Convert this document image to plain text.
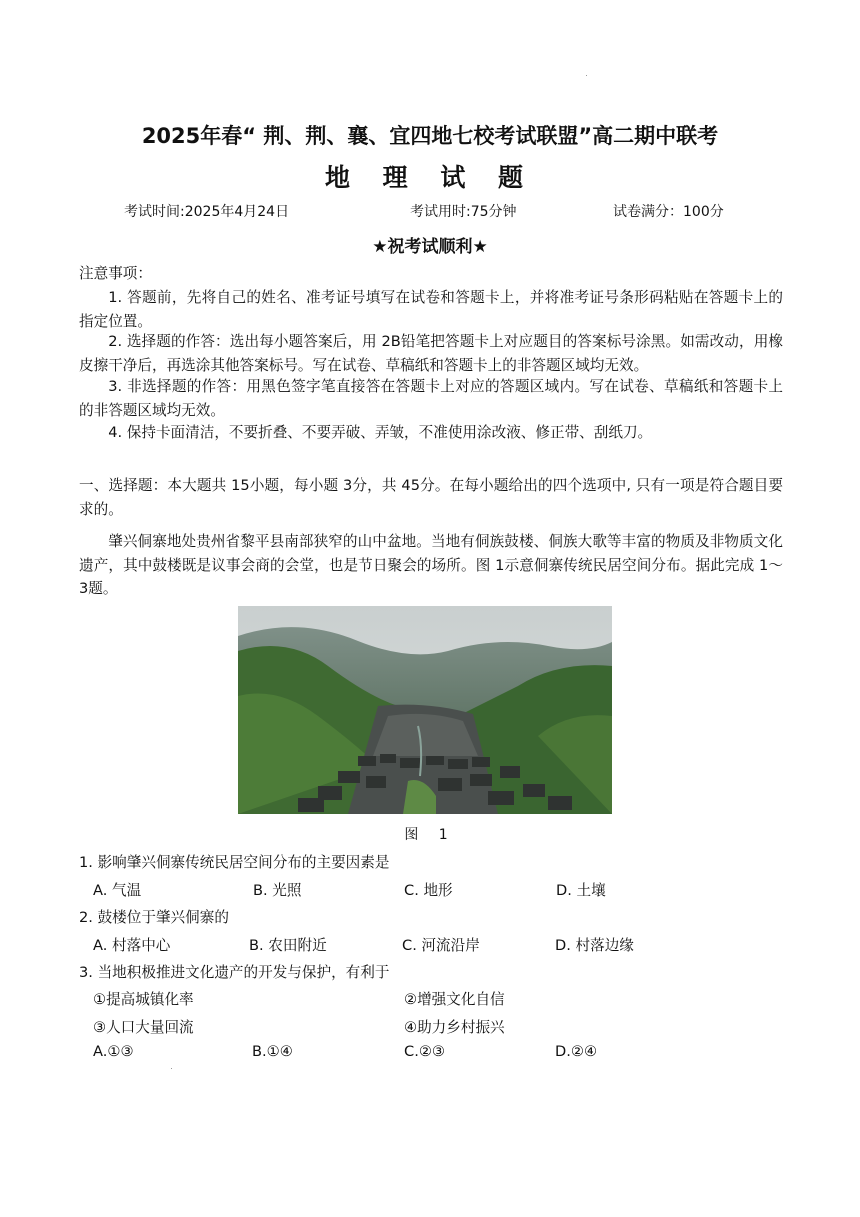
2025年春“ 荆、荆、襄、宜四地七校考试联盟”高二期中联考
地 理 试 题
考试时间:2025年4月24日	考试用时:75分钟	试卷满分：100分
★祝考试顺利★
注意事项：
1. 答题前，先将自己的姓名、准考证号填写在试卷和答题卡上，并将准考证号条形码粘贴在答题卡上的指定位置。
2. 选择题的作答：选出每小题答案后，用 2B铅笔把答题卡上对应题目的答案标号涂黑。如需改动，用橡皮擦干净后，再选涂其他答案标号。写在试卷、草稿纸和答题卡上的非答题区域均无效。
3. 非选择题的作答：用黑色签字笔直接答在答题卡上对应的答题区域内。写在试卷、草稿纸和答题卡上的非答题区域均无效。
4. 保持卡面清洁，不要折叠、不要弄破、弄皱，不准使用涂改液、修正带、刮纸刀。
一、选择题：本大题共 15小题，每小题 3分，共 45分。在每小题给出的四个选项中, 只有一项是符合题目要求的。
肇兴侗寨地处贵州省黎平县南部狭窄的山中盆地。当地有侗族鼓楼、侗族大歌等丰富的物质及非物质文化遗产，其中鼓楼既是议事会商的会堂，也是节日聚会的场所。图 1示意侗寨传统民居空间分布。据此完成 1～3题。
图 1
1. 影响肇兴侗寨传统民居空间分布的主要因素是
A. 气温	B. 光照	C. 地形	D. 土壤
2. 鼓楼位于肇兴侗寨的
A. 村落中心	B. 农田附近	C. 河流沿岸	D. 村落边缘
3. 当地积极推进文化遗产的开发与保护，有利于
①提高城镇化率	②增强文化自信
③人口大量回流	④助力乡村振兴
A.①③	B.①④	C.②③	D.②④
